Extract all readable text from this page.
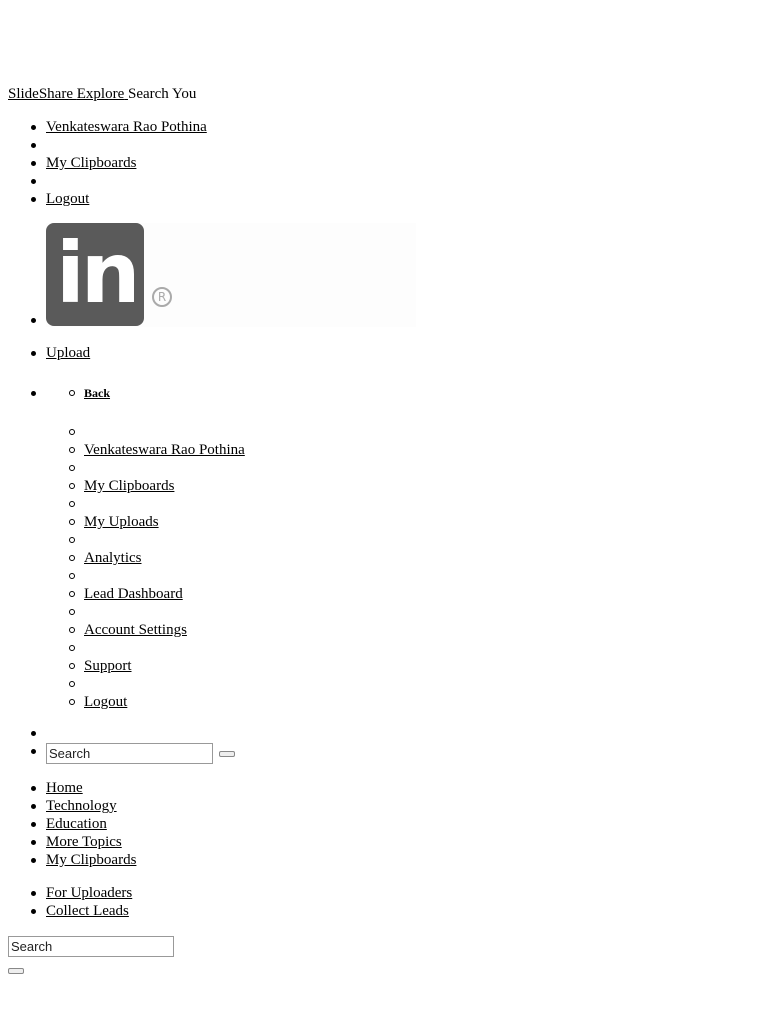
SlideShare Explore Search You
Venkateswara Rao Pothina
My Clipboards
Logout
in	R
Upload
Back
Venkateswara Rao Pothina
My Clipboards
My Uploads
Analytics
Lead Dashboard
Account Settings
Support
Logout
Search
Home
Technology
Education
More Topics
My Clipboards
For Uploaders
Collect Leads
Search
